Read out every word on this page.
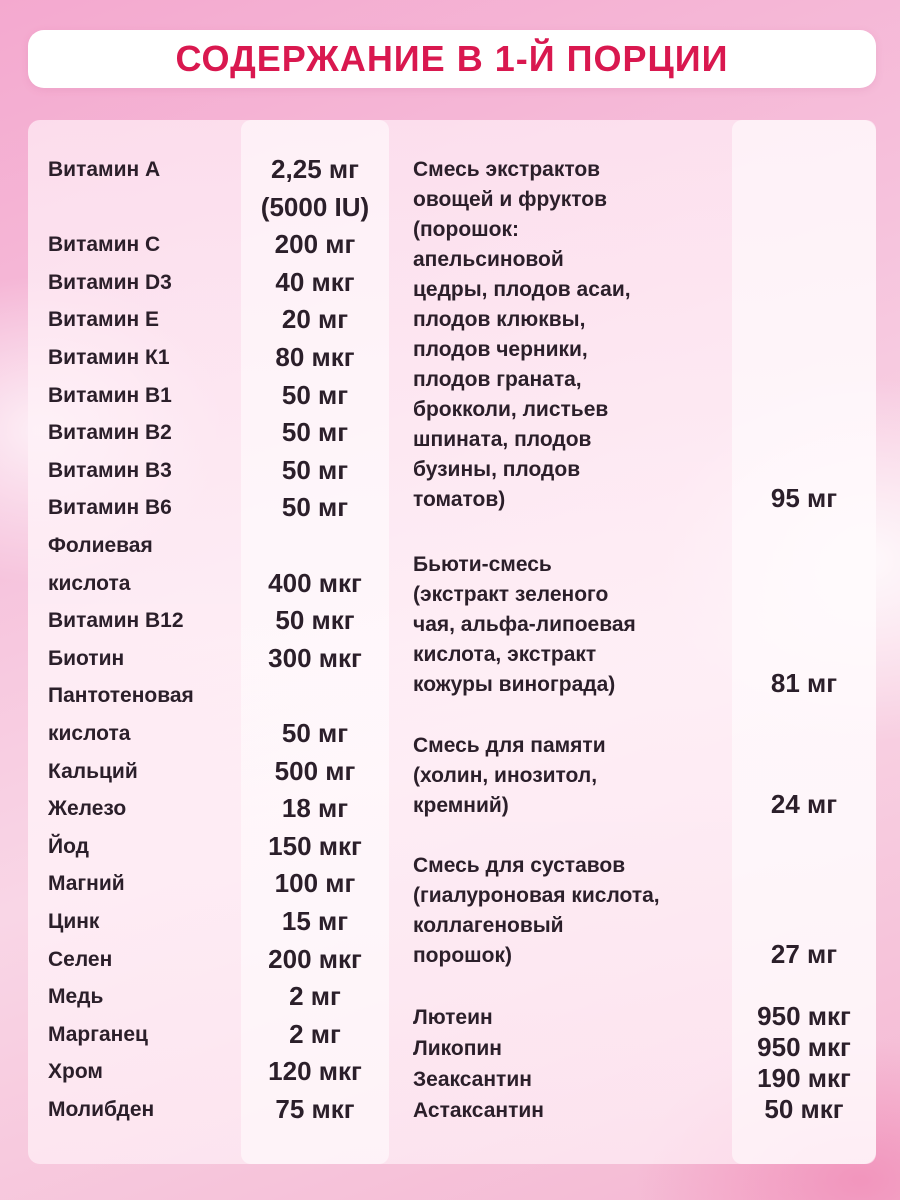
СОДЕРЖАНИЕ В 1-Й ПОРЦИИ
Витамин А	2,25 мг
(5000 IU)
Витамин С	200 мг
Витамин D3	40 мкг
Витамин Е	20 мг
Витамин К1	80 мкг
Витамин В1	50 мг
Витамин В2	50 мг
Витамин В3	50 мг
Витамин В6	50 мг
Фолиевая
кислота	400 мкг
Витамин В12	50 мкг
Биотин	300 мкг
Пантотеновая
кислота	50 мг
Кальций	500 мг
Железо	18 мг
Йод	150 мкг
Магний	100 мг
Цинк	15 мг
Селен	200 мкг
Медь	2 мг
Марганец	2 мг
Хром	120 мкг
Молибден	75 мкг
Смесь экстрактов
овощей и фруктов
(порошок:
апельсиновой
цедры, плодов асаи,
плодов клюквы,
плодов черники,
плодов граната,
брокколи, листьев
шпината, плодов
бузины, плодов
томатов)	95 мг
Бьюти-смесь
(экстракт зеленого
чая, альфа-липоевая
кислота, экстракт
кожуры винограда)	81 мг
Смесь для памяти
(холин, инозитол,
кремний)	24 мг
Смесь для суставов
(гиалуроновая кислота,
коллагеновый
порошок)	27 мг
Лютеин	950 мкг
Ликопин	950 мкг
Зеаксантин	190 мкг
Астаксантин	50 мкг
